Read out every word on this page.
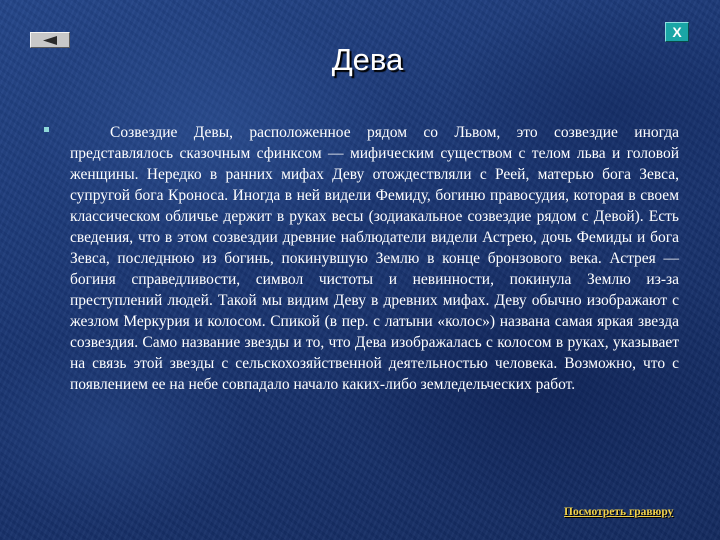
X
Дева

Созвездие Девы, расположенное рядом со Львом, это созвездие иногда представлялось сказочным сфинксом — мифическим существом с телом льва и головой женщины. Нередко в ранних мифах Деву отождествляли с Реей, матерью бога Зевса, супругой бога Кроноса. Иногда в ней видели Фемиду, богиню правосудия, которая в своем классическом обличье держит в руках весы (зодиакальное созвездие рядом с Девой). Есть сведения, что в этом созвездии древние наблюдатели видели Астрею, дочь Фемиды и бога Зевса, последнюю из богинь, покинувшую Землю в конце бронзового века. Астрея — богиня справедливости, символ чистоты и невинности, покинула Землю из-за преступлений людей. Такой мы видим Деву в древних мифах. Деву обычно изображают с жезлом Меркурия и колосом. Спикой (в пер. с латыни «колос») названа самая яркая звезда созвездия. Само название звезды и то, что Дева изображалась с колосом в руках, указывает на связь этой звезды с сельскохозяйственной деятельностью человека. Возможно, что с появлением ее на небе совпадало начало каких-либо земледельческих работ.

Посмотреть гравюру
